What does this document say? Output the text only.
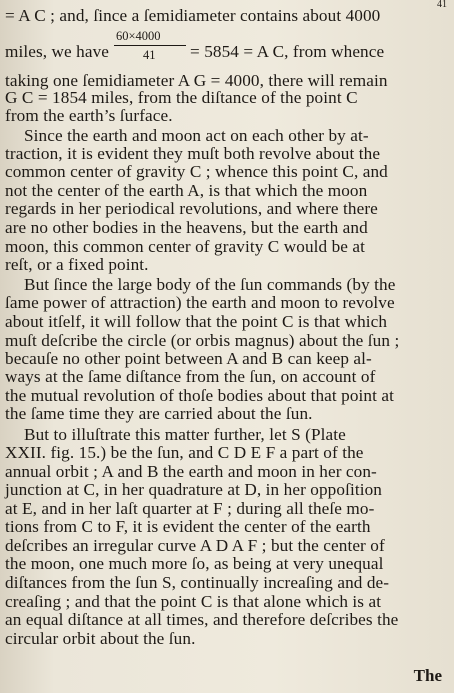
41
= A C ; and, ſince a ſemidiameter contains about 4000
miles, we have
60×4000
41 = 5854 = A C, from whence
taking one ſemidiameter A G = 4000, there will remain
G C = 1854 miles, from the diſtance of the point C
from the earth’s ſurface.
Since the earth and moon act on each other by at-
traction, it is evident they muſt both revolve about the
common center of gravity C ; whence this point C, and
not the center of the earth A, is that which the moon
regards in her periodical revolutions, and where there
are no other bodies in the heavens, but the earth and
moon, this common center of gravity C would be at
reſt, or a fixed point.
But ſince the large body of the ſun commands (by the
ſame power of attraction) the earth and moon to revolve
about itſelf, it will follow that the point C is that which
muſt deſcribe the circle (or orbis magnus) about the ſun ;
becauſe no other point between A and B can keep al-
ways at the ſame diſtance from the ſun, on account of
the mutual revolution of thoſe bodies about that point at
the ſame time they are carried about the ſun.
But to illuſtrate this matter further, let S (Plate
XXII. fig. 15.) be the ſun, and C D E F a part of the
annual orbit ; A and B the earth and moon in her con-
junction at C, in her quadrature at D, in her oppoſition
at E, and in her laſt quarter at F ; during all theſe mo-
tions from C to F, it is evident the center of the earth
deſcribes an irregular curve A D A F ; but the center of
the moon, one much more ſo, as being at very unequal
diſtances from the ſun S, continually increaſing and de-
creaſing ; and that the point C is that alone which is at
an equal diſtance at all times, and therefore deſcribes the
circular orbit about the ſun.
The
